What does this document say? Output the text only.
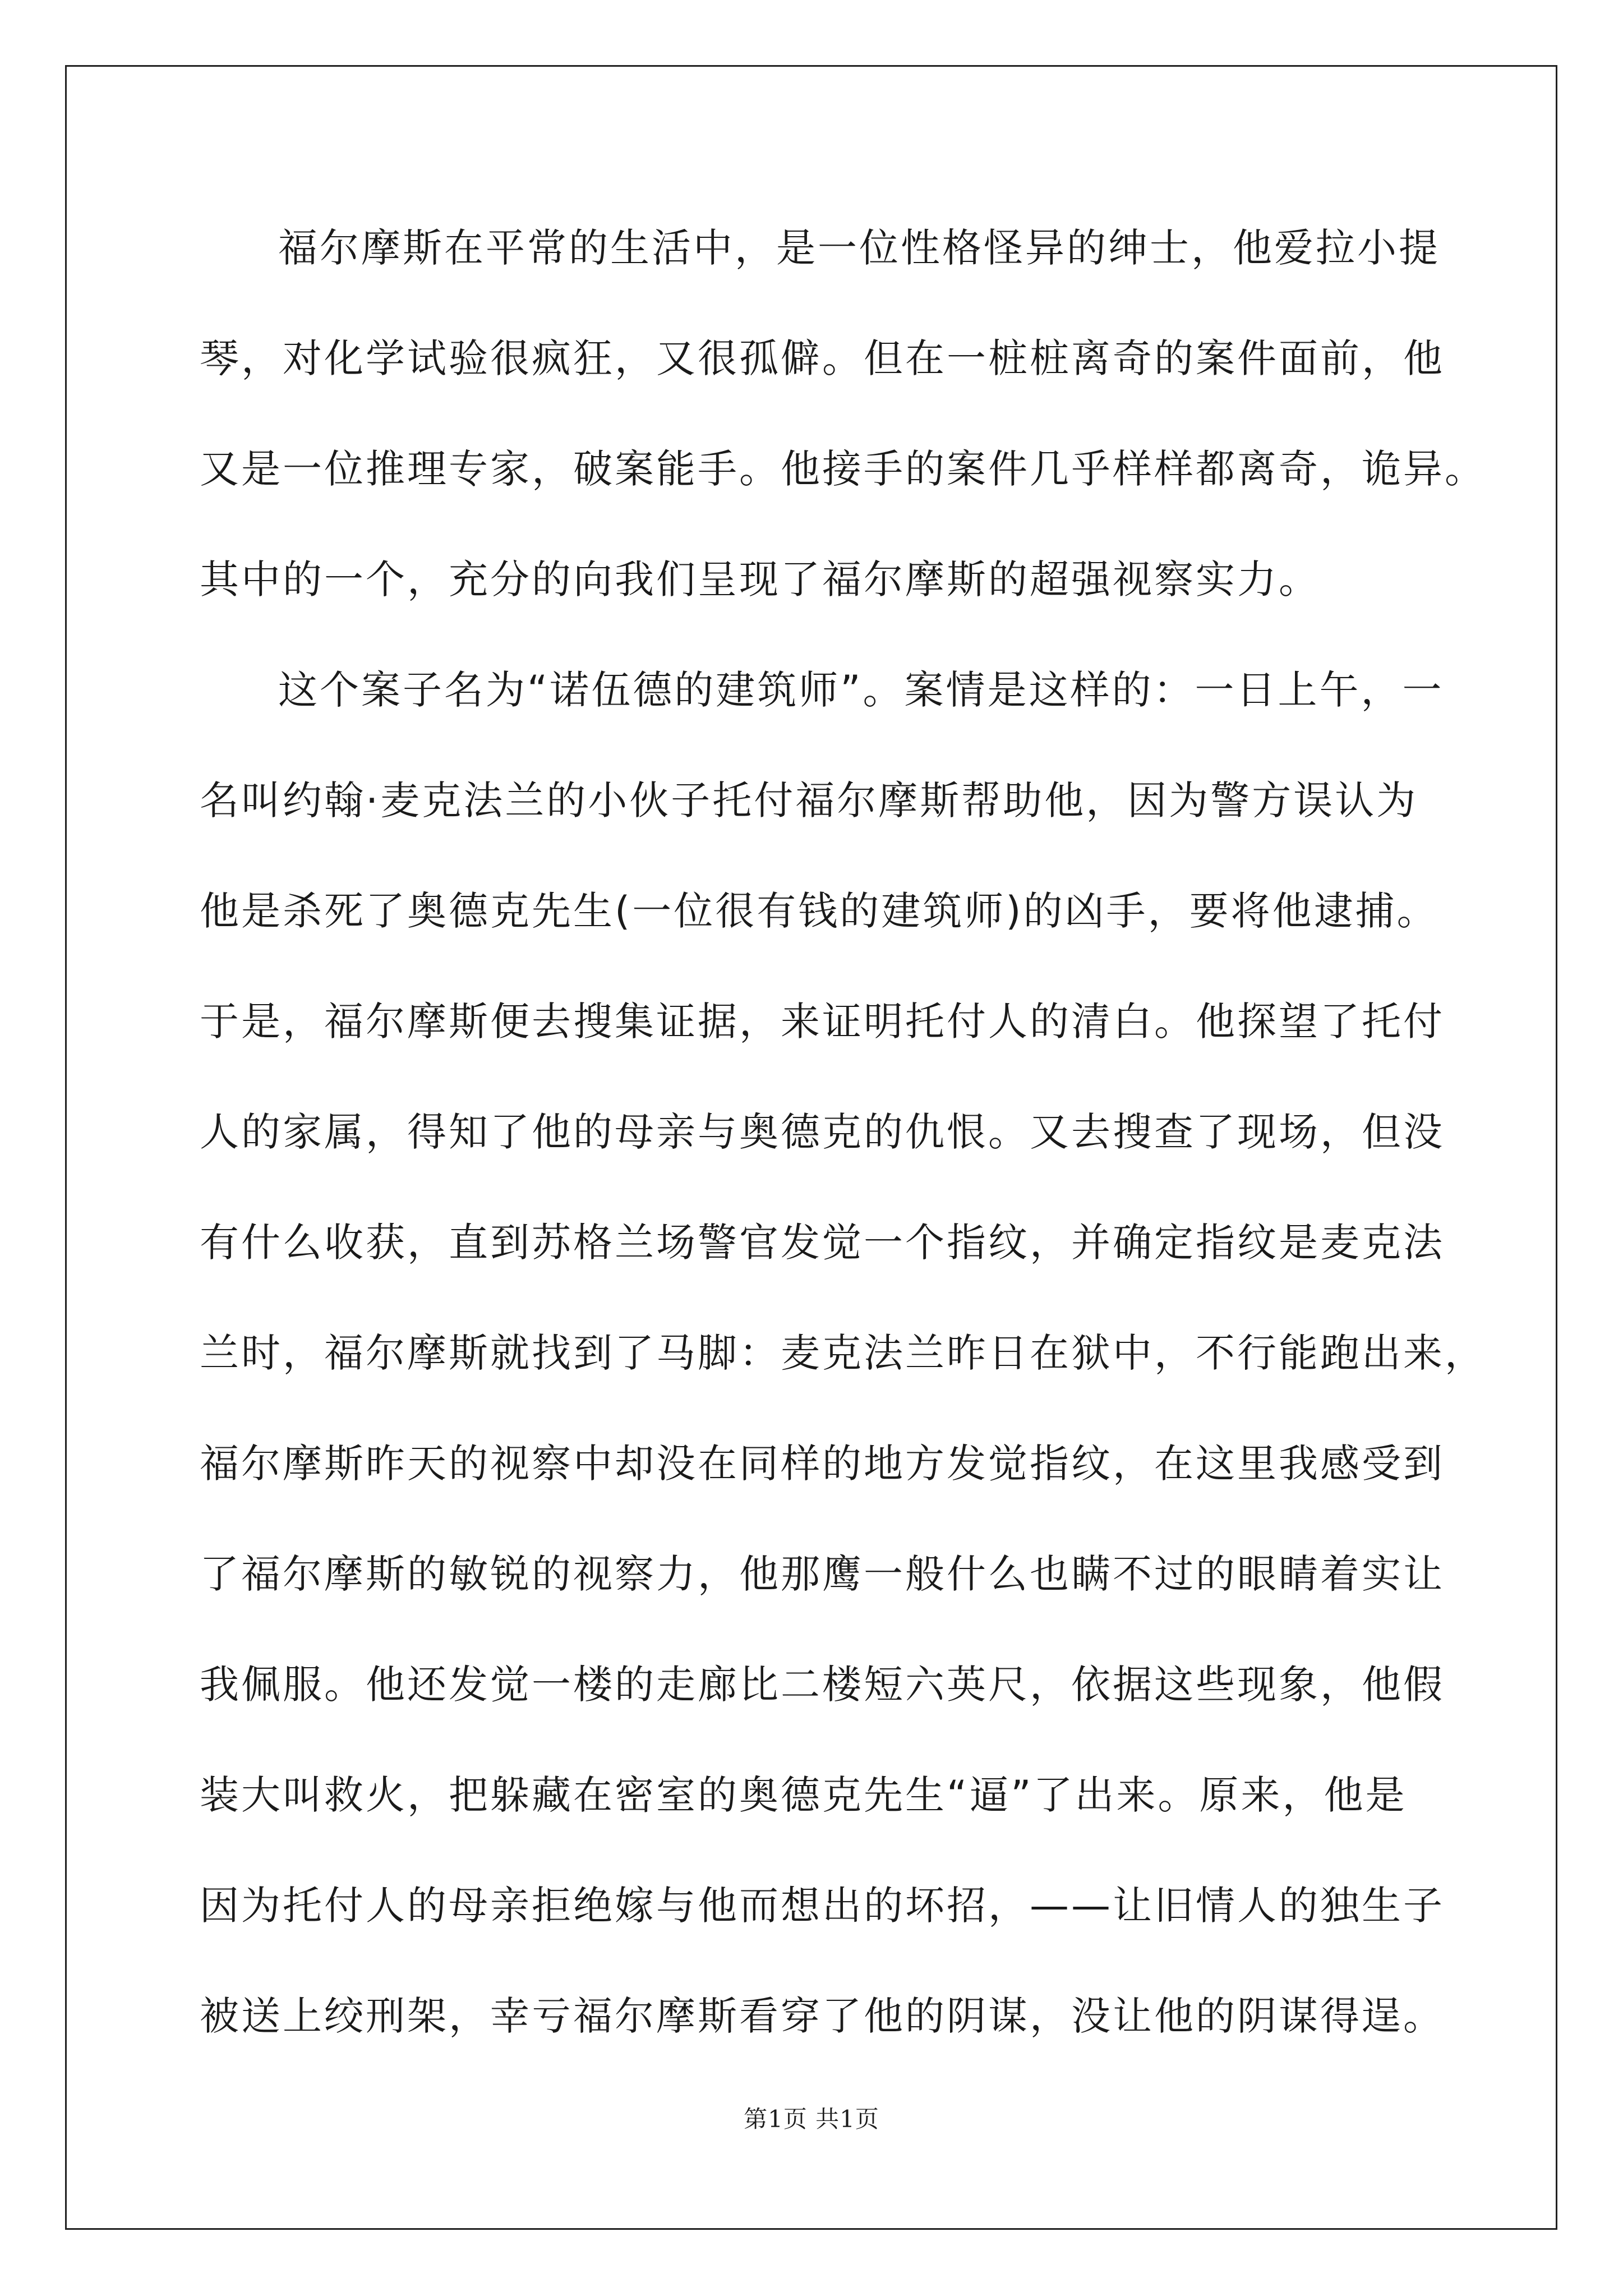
福尔摩斯在平常的生活中，是一位性格怪异的绅士，他爱拉小提
琴，对化学试验很疯狂，又很孤僻。但在一桩桩离奇的案件面前，他
又是一位推理专家，破案能手。他接手的案件几乎样样都离奇，诡异。
其中的一个，充分的向我们呈现了福尔摩斯的超强视察实力。
这个案子名为“诺伍德的建筑师”。案情是这样的：一日上午，一
名叫约翰·麦克法兰的小伙子托付福尔摩斯帮助他，因为警方误认为
他是杀死了奥德克先生(一位很有钱的建筑师)的凶手，要将他逮捕。
于是，福尔摩斯便去搜集证据，来证明托付人的清白。他探望了托付
人的家属，得知了他的母亲与奥德克的仇恨。又去搜查了现场，但没
有什么收获，直到苏格兰场警官发觉一个指纹，并确定指纹是麦克法
兰时，福尔摩斯就找到了马脚：麦克法兰昨日在狱中，不行能跑出来，
福尔摩斯昨天的视察中却没在同样的地方发觉指纹，在这里我感受到
了福尔摩斯的敏锐的视察力，他那鹰一般什么也瞒不过的眼睛着实让
我佩服。他还发觉一楼的走廊比二楼短六英尺，依据这些现象，他假
装大叫救火，把躲藏在密室的奥德克先生“逼”了出来。原来，他是
因为托付人的母亲拒绝嫁与他而想出的坏招，——让旧情人的独生子
被送上绞刑架，幸亏福尔摩斯看穿了他的阴谋，没让他的阴谋得逞。
第1页 共1页
